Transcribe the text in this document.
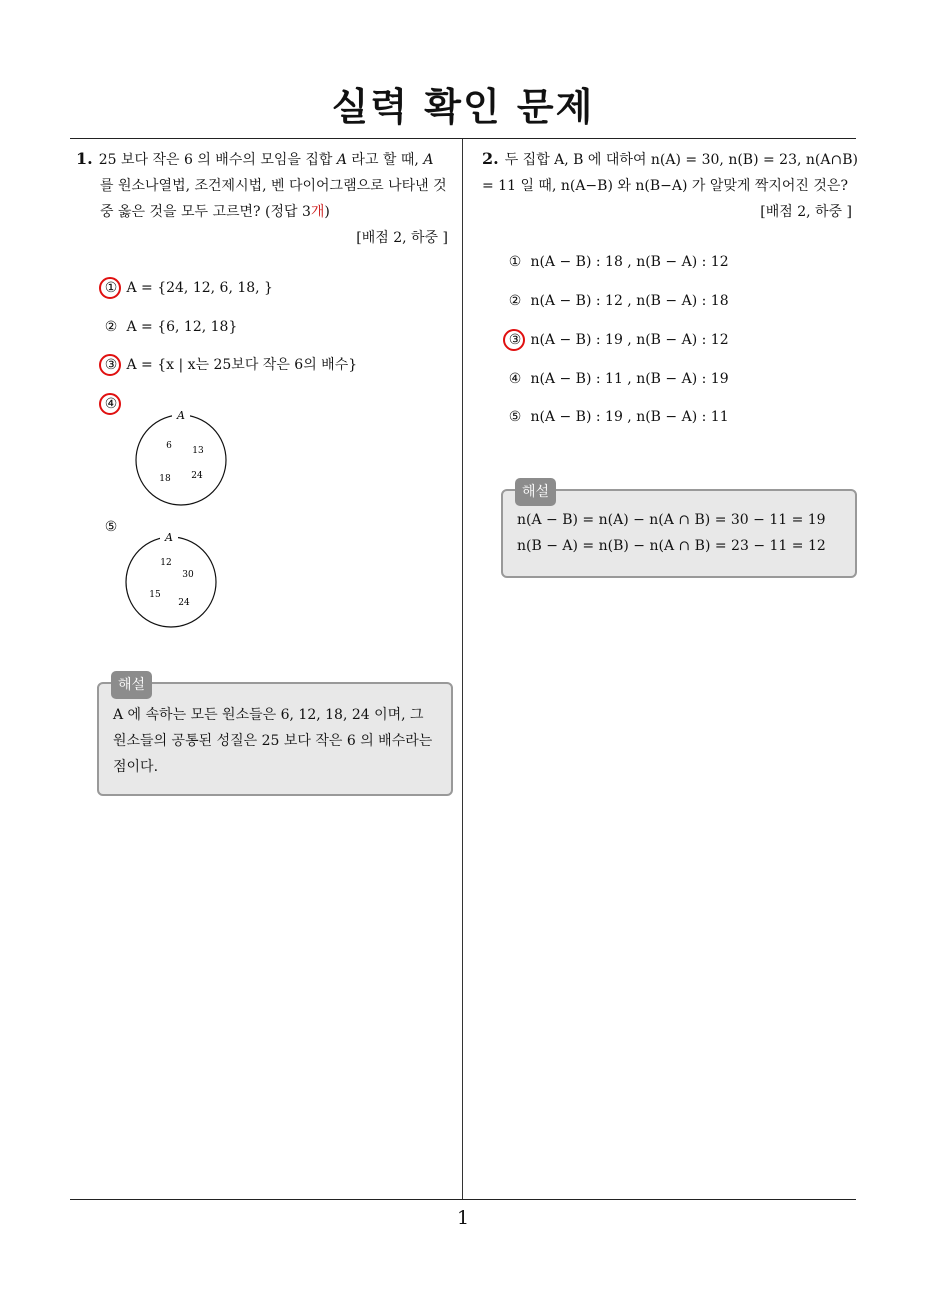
실력 확인 문제
1
1. 25 보다 작은 6 의 배수의 모임을 집합 A 라고 할 때, A
를 원소나열법, 조건제시법, 벤 다이어그램으로 나타낸 것 중 옳은 것을 모두 고르면? (정답 3개)
[배점 2, 하중 ]
① A = {24, 12, 6, 18, }
② A = {6, 12, 18}
③ A = {x | x는 25보다 작은 6의 배수}
④
A
6 13
18 24
⑤
A
12
30
15
24
해설
A 에 속하는 모든 원소들은 6, 12, 18, 24 이며, 그 원소들의 공통된 성질은 25 보다 작은 6 의 배수라는 점이다.
2. 두 집합 A, B 에 대하여 n(A) = 30, n(B) = 23, n(A∩B) = 11 일 때, n(A−B) 와 n(B−A) 가 알맞게 짝지어진 것은?
[배점 2, 하중 ]
① n(A − B) : 18 , n(B − A) : 12
② n(A − B) : 12 , n(B − A) : 18
③ n(A − B) : 19 , n(B − A) : 12
④ n(A − B) : 11 , n(B − A) : 19
⑤ n(A − B) : 19 , n(B − A) : 11
해설
n(A − B) = n(A) − n(A ∩ B) = 30 − 11 = 19
n(B − A) = n(B) − n(A ∩ B) = 23 − 11 = 12
